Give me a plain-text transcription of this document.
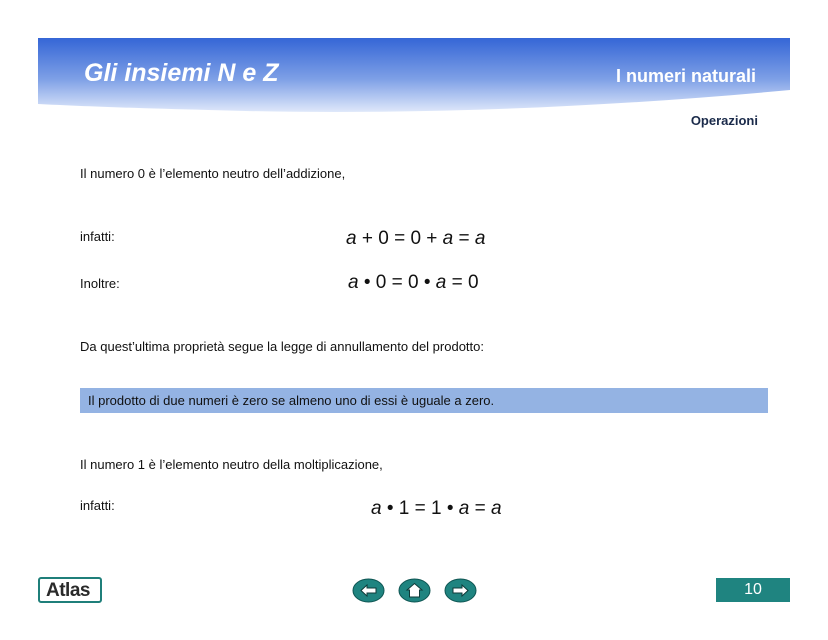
Gli insiemi N e Z	I numeri naturali
Operazioni
Il numero 0 è l’elemento neutro dell’addizione,
infatti:	a + 0 = 0 + a = a
Inoltre:	a • 0 = 0 • a = 0
Da quest’ultima proprietà segue la legge di annullamento del prodotto:
Il prodotto di due numeri è zero se almeno uno di essi è uguale a zero.
Il numero 1 è l’elemento neutro della moltiplicazione,
infatti:	a • 1 = 1 • a = a
Atlas	10
